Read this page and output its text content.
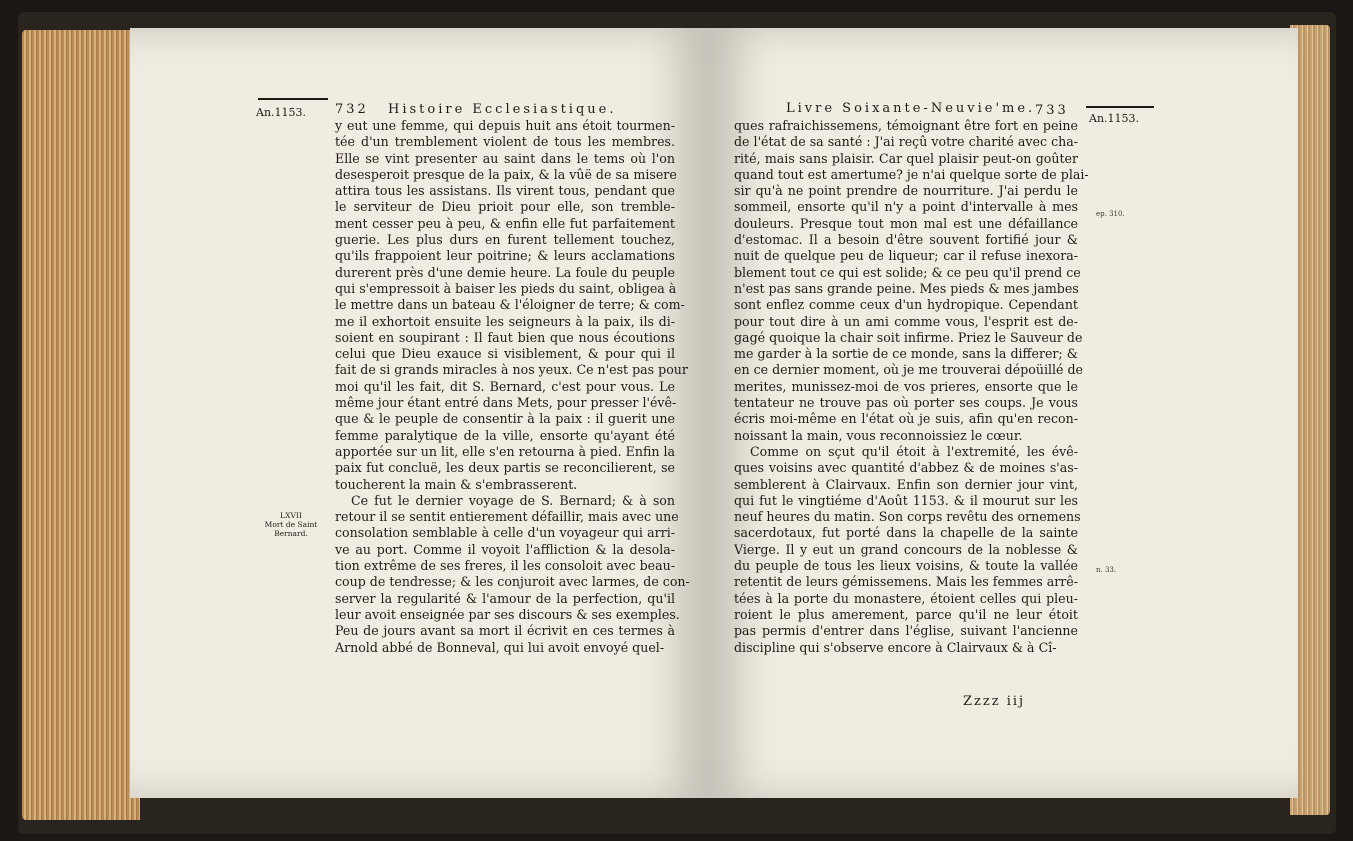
An.1153. 732 Histoire Ecclesiastique.
LXVII
Mort de Saint
Bernard.
y eut une femme, qui depuis huit ans étoit tourmen-
tée d'un tremblement violent de tous les membres.
Elle se vint presenter au saint dans le tems où l'on
desesperoit presque de la paix, & la vûë de sa misere
attira tous les assistans. Ils virent tous, pendant que
le serviteur de Dieu prioit pour elle, son tremble-
ment cesser peu à peu, & enfin elle fut parfaitement
guerie. Les plus durs en furent tellement touchez,
qu'ils frappoient leur poitrine; & leurs acclamations
durerent près d'une demie heure. La foule du peuple
qui s'empressoit à baiser les pieds du saint, obligea à
le mettre dans un bateau & l'éloigner de terre; & com-
me il exhortoit ensuite les seigneurs à la paix, ils di-
soient en soupirant : Il faut bien que nous écoutions
celui que Dieu exauce si visiblement, & pour qui il
fait de si grands miracles à nos yeux. Ce n'est pas pour
moi qu'il les fait, dit S. Bernard, c'est pour vous. Le
même jour étant entré dans Mets, pour presser l'évê-
que & le peuple de consentir à la paix : il guerit une
femme paralytique de la ville, ensorte qu'ayant été
apportée sur un lit, elle s'en retourna à pied. Enfin la
paix fut concluë, les deux partis se reconcilierent, se
toucherent la main & s'embrasserent.
Ce fut le dernier voyage de S. Bernard; & à son
retour il se sentit entierement défaillir, mais avec une
consolation semblable à celle d'un voyageur qui arri-
ve au port. Comme il voyoit l'affliction & la desola-
tion extrême de ses freres, il les consoloit avec beau-
coup de tendresse; & les conjuroit avec larmes, de con-
server la regularité & l'amour de la perfection, qu'il
leur avoit enseignée par ses discours & ses exemples.
Peu de jours avant sa mort il écrivit en ces termes à
Arnold abbé de Bonneval, qui lui avoit envoyé quel-
Livre Soixante-Neuvie'me. 733
An.1153.
ep. 310.
n. 33.
ques rafraichissemens, témoignant être fort en peine
de l'état de sa santé : J'ai reçû votre charité avec cha-
rité, mais sans plaisir. Car quel plaisir peut-on goûter
quand tout est amertume? je n'ai quelque sorte de plai-
sir qu'à ne point prendre de nourriture. J'ai perdu le
sommeil, ensorte qu'il n'y a point d'intervalle à mes
douleurs. Presque tout mon mal est une défaillance
d'estomac. Il a besoin d'être souvent fortifié jour &
nuit de quelque peu de liqueur; car il refuse inexora-
blement tout ce qui est solide; & ce peu qu'il prend ce
n'est pas sans grande peine. Mes pieds & mes jambes
sont enflez comme ceux d'un hydropique. Cependant
pour tout dire à un ami comme vous, l'esprit est de-
gagé quoique la chair soit infirme. Priez le Sauveur de
me garder à la sortie de ce monde, sans la differer; &
en ce dernier moment, où je me trouverai dépoüillé de
merites, munissez-moi de vos prieres, ensorte que le
tentateur ne trouve pas où porter ses coups. Je vous
écris moi-même en l'état où je suis, afin qu'en recon-
noissant la main, vous reconnoissiez le cœur.
Comme on sçut qu'il étoit à l'extremité, les évê-
ques voisins avec quantité d'abbez & de moines s'as-
semblerent à Clairvaux. Enfin son dernier jour vint,
qui fut le vingtiéme d'Août 1153. & il mourut sur les
neuf heures du matin. Son corps revêtu des ornemens
sacerdotaux, fut porté dans la chapelle de la sainte
Vierge. Il y eut un grand concours de la noblesse &
du peuple de tous les lieux voisins, & toute la vallée
retentit de leurs gémissemens. Mais les femmes arrê-
tées à la porte du monastere, étoient celles qui pleu-
roient le plus amerement, parce qu'il ne leur étoit
pas permis d'entrer dans l'église, suivant l'ancienne
discipline qui s'observe encore à Clairvaux & à Cî-
Zzzz iij
